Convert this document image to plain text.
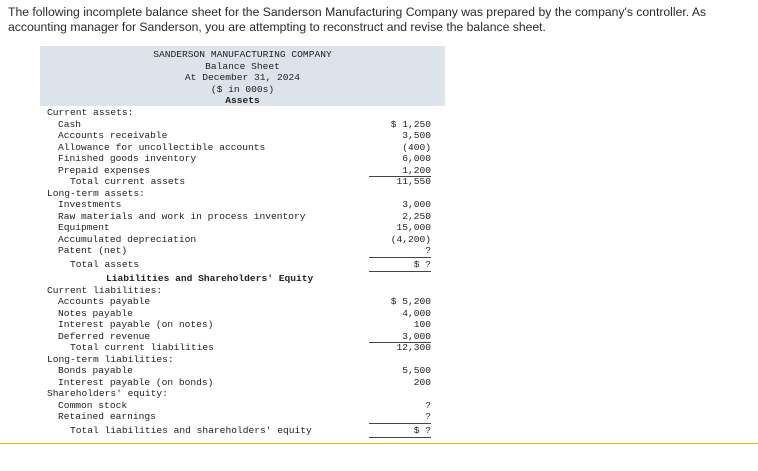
The following incomplete balance sheet for the Sanderson Manufacturing Company was prepared by the company's controller. As accounting manager for Sanderson, you are attempting to reconstruct and revise the balance sheet.
SANDERSON MANUFACTURING COMPANY
Balance Sheet
At December 31, 2024
($ in 000s)
Assets

Current assets:

Cash

	$ 1,250

Accounts receivable

	3,500

Allowance for uncollectible accounts

	(400)

Finished goods inventory

	6,000

Prepaid expenses

	1,200

Total current assets

	11,550

Long-term assets:

Investments

	3,000

Raw materials and work in process inventory

	2,250

Equipment

	15,000

Accumulated depreciation

	(4,200)

Patent (net)

	?

Total assets

	$ ?

Liabilities and Shareholders' Equity

Current liabilities:

Accounts payable

	$ 5,200

Notes payable

	4,000

Interest payable (on notes)

	100

Deferred revenue

	3,000

Total current liabilities

	12,300

Long-term liabilities:

Bonds payable

	5,500

Interest payable (on bonds)

	200

Shareholders' equity:

Common stock

	?

Retained earnings

	?

Total liabilities and shareholders' equity

	$ ?
